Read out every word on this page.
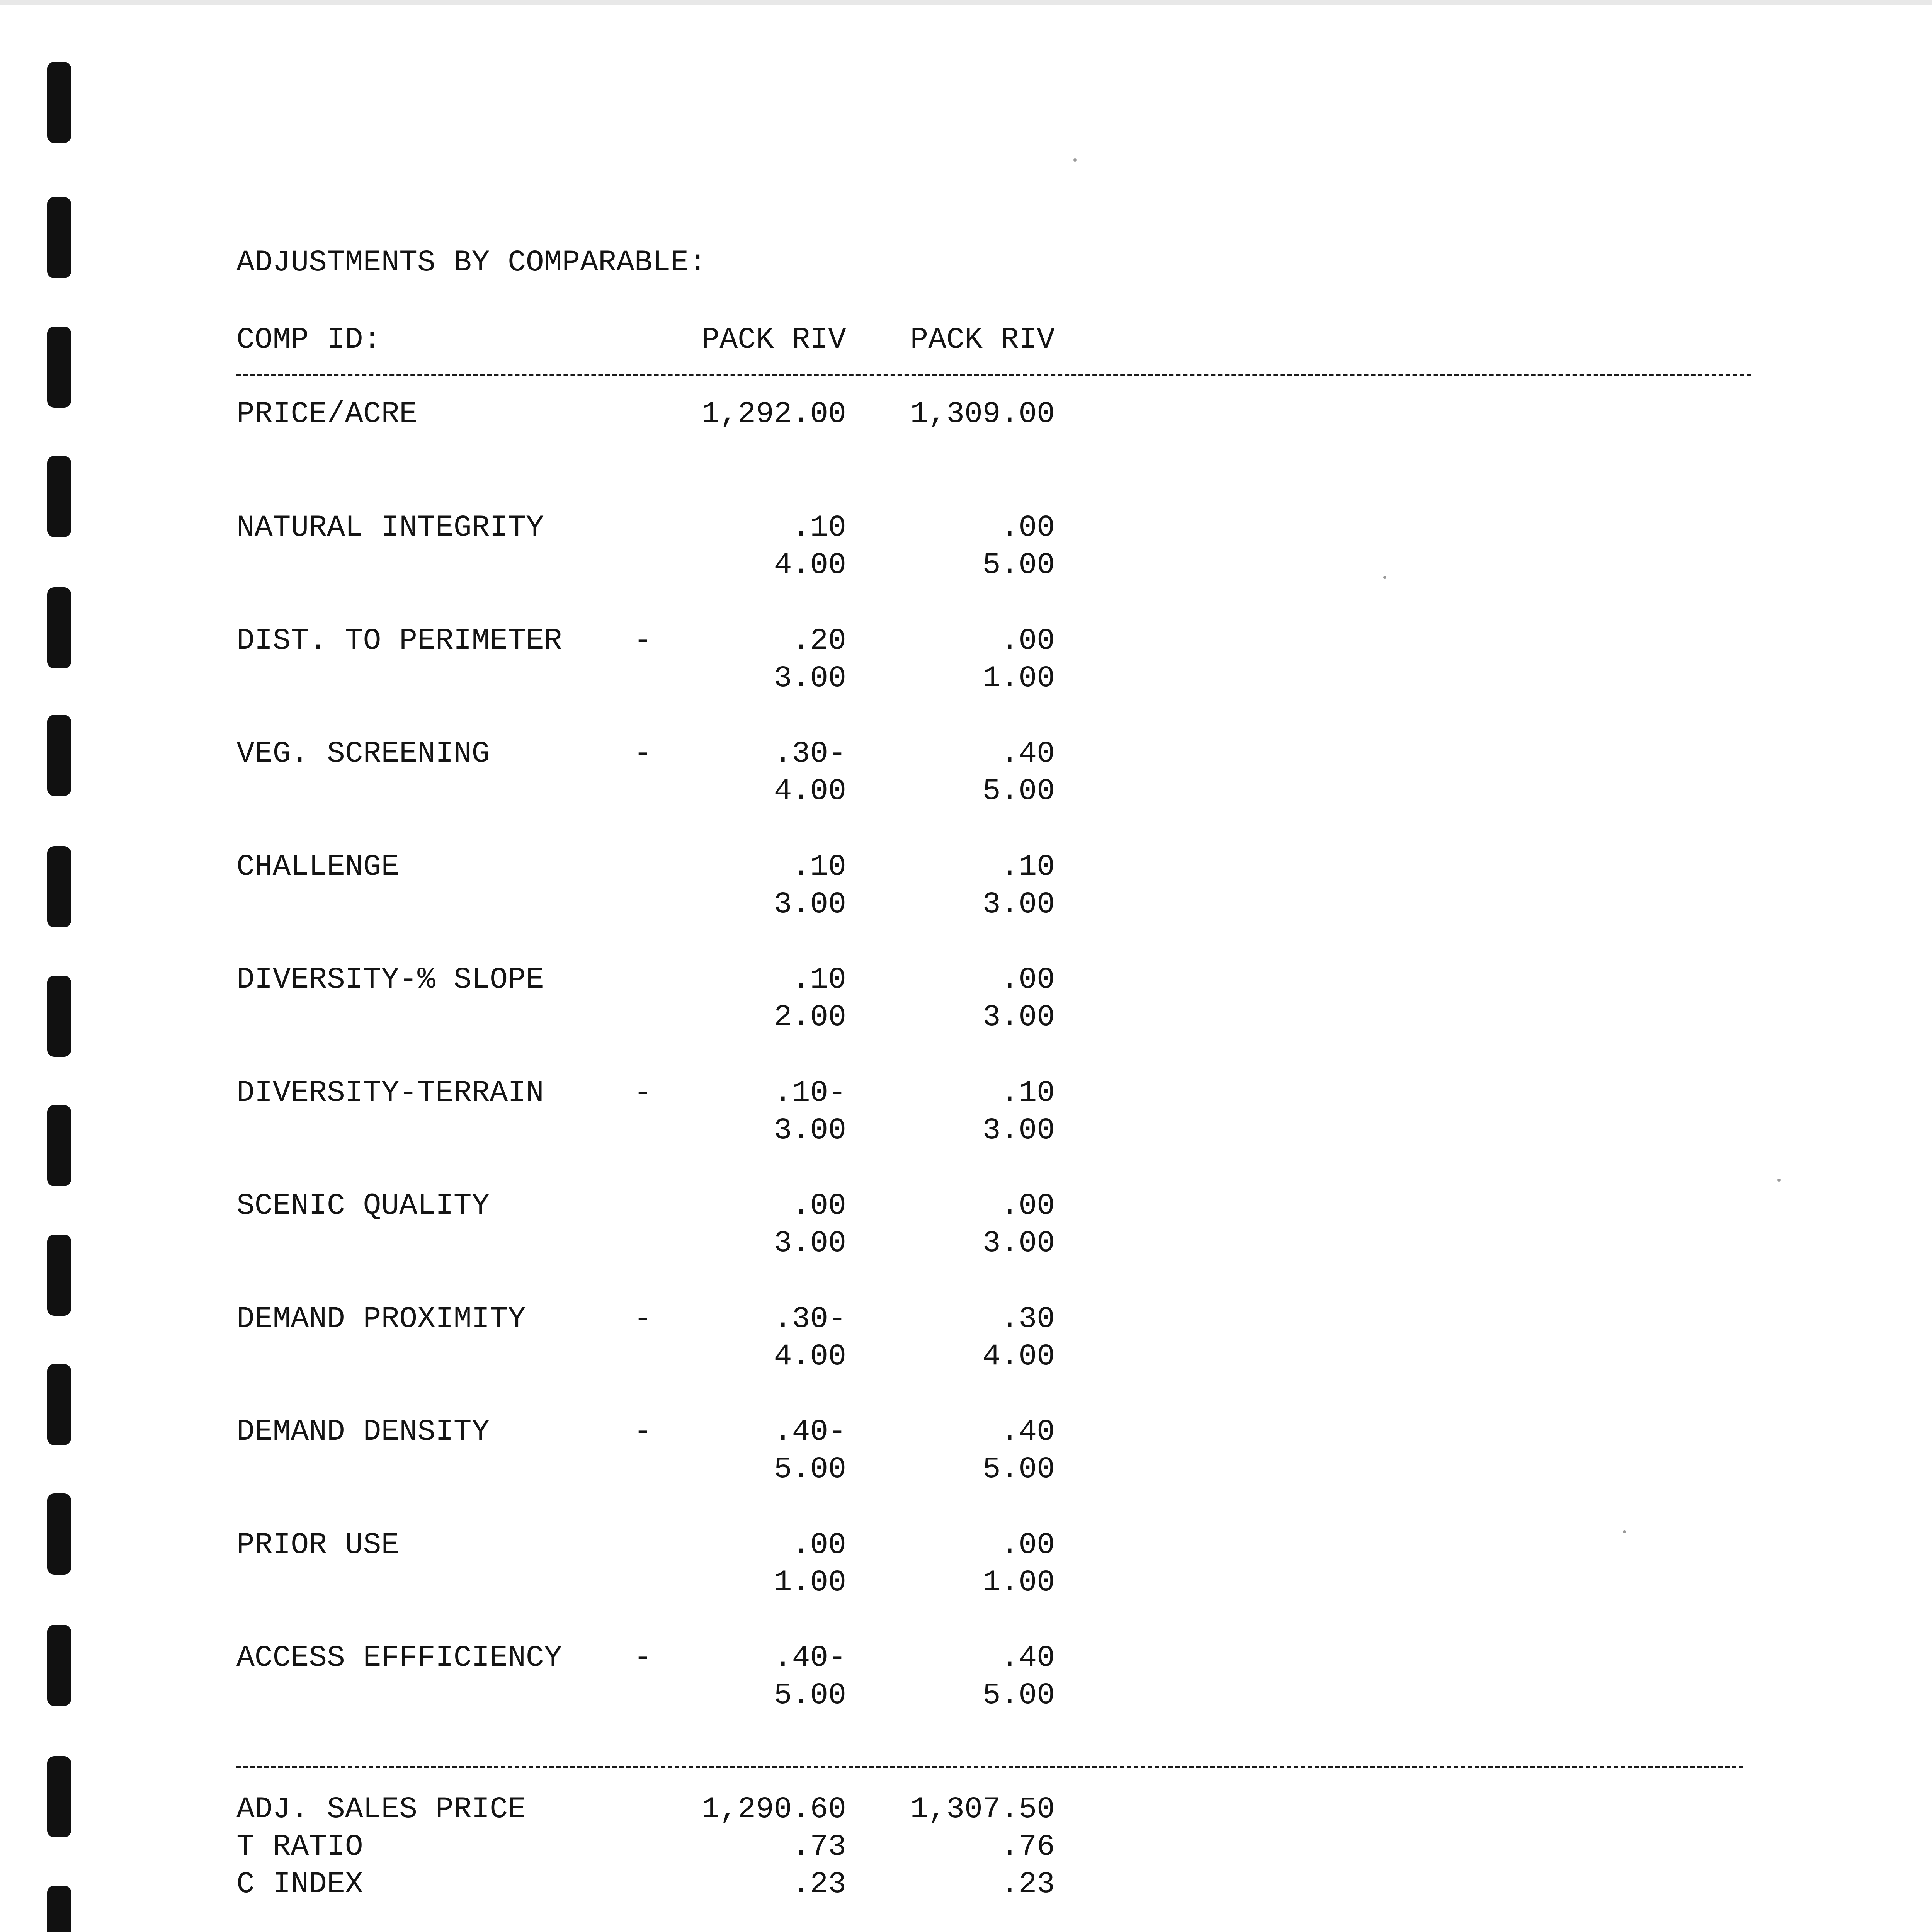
ADJUSTMENTS BY COMPARABLE:
COMP ID:	PACK RIV	PACK RIV
PRICE/ACRE	1,292.00	1,309.00
NATURAL INTEGRITY	.10	.00
4.00	5.00
DIST. TO PERIMETER -	.20	.00
3.00	1.00
VEG. SCREENING	-	.30-	.40
4.00	5.00
CHALLENGE	.10	.10
3.00	3.00
DIVERSITY-% SLOPE	.10	.00
2.00	3.00
DIVERSITY-TERRAIN	-	.10-	.10
3.00	3.00
SCENIC QUALITY	.00	.00
3.00	3.00
DEMAND PROXIMITY	-	.30-	.30
4.00	4.00
DEMAND DENSITY	-	.40-	.40
5.00	5.00
PRIOR USE	.00	.00
1.00	1.00
ACCESS EFFFICIENCY -	.40-	.40
5.00	5.00
ADJ. SALES PRICE	1,290.60	1,307.50
T RATIO	.73	.76
C INDEX	.23	.23
